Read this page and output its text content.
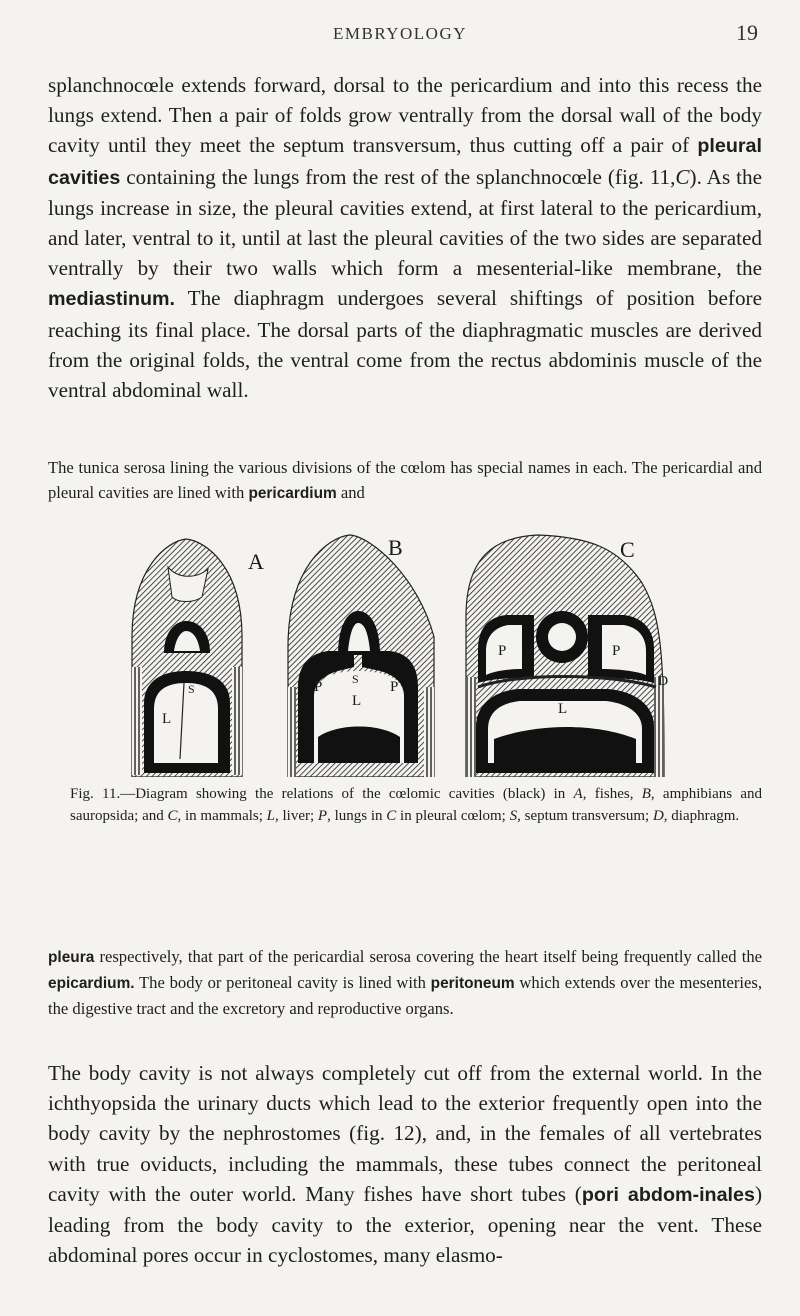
EMBRYOLOGY	19

splanchnocœle extends forward, dorsal to the pericardium and into this recess the lungs extend. Then a pair of folds grow ventrally from the dorsal wall of the body cavity until they meet the septum transversum, thus cutting off a pair of pleural cavities containing the lungs from the rest of the splanchnocœle (fig. 11,C). As the lungs increase in size, the pleural cavities extend, at first lateral to the pericardium, and later, ventral to it, until at last the pleural cavities of the two sides are separated ventrally by their two walls which form a mesenterial-like membrane, the mediastinum. The diaphragm undergoes several shiftings of position before reaching its final place. The dorsal parts of the diaphragmatic muscles are derived from the original folds, the ventral come from the rectus abdominis muscle of the ventral abdominal wall.

The tunica serosa lining the various divisions of the cœlom has special names in each. The pericardial and pleural cavities are lined with pericardium and

A
S
L
B
P S P
L
C
P S	P
L
D

Fig. 11.—Diagram showing the relations of the cœlomic cavities (black) in A, fishes, B, amphibians and sauropsida; and C, in mammals; L, liver; P, lungs in C in pleural cœlom; S, septum transversum; D, diaphragm.

pleura respectively, that part of the pericardial serosa covering the heart itself being frequently called the epicardium. The body or peritoneal cavity is lined with peritoneum which extends over the mesenteries, the digestive tract and the excretory and reproductive organs.

The body cavity is not always completely cut off from the external world. In the ichthyopsida the urinary ducts which lead to the exterior frequently open into the body cavity by the nephrostomes (fig. 12), and, in the females of all vertebrates with true oviducts, including the mammals, these tubes connect the peritoneal cavity with the outer world. Many fishes have short tubes (pori abdom-inales) leading from the body cavity to the exterior, opening near the vent. These abdominal pores occur in cyclostomes, many elasmo-
